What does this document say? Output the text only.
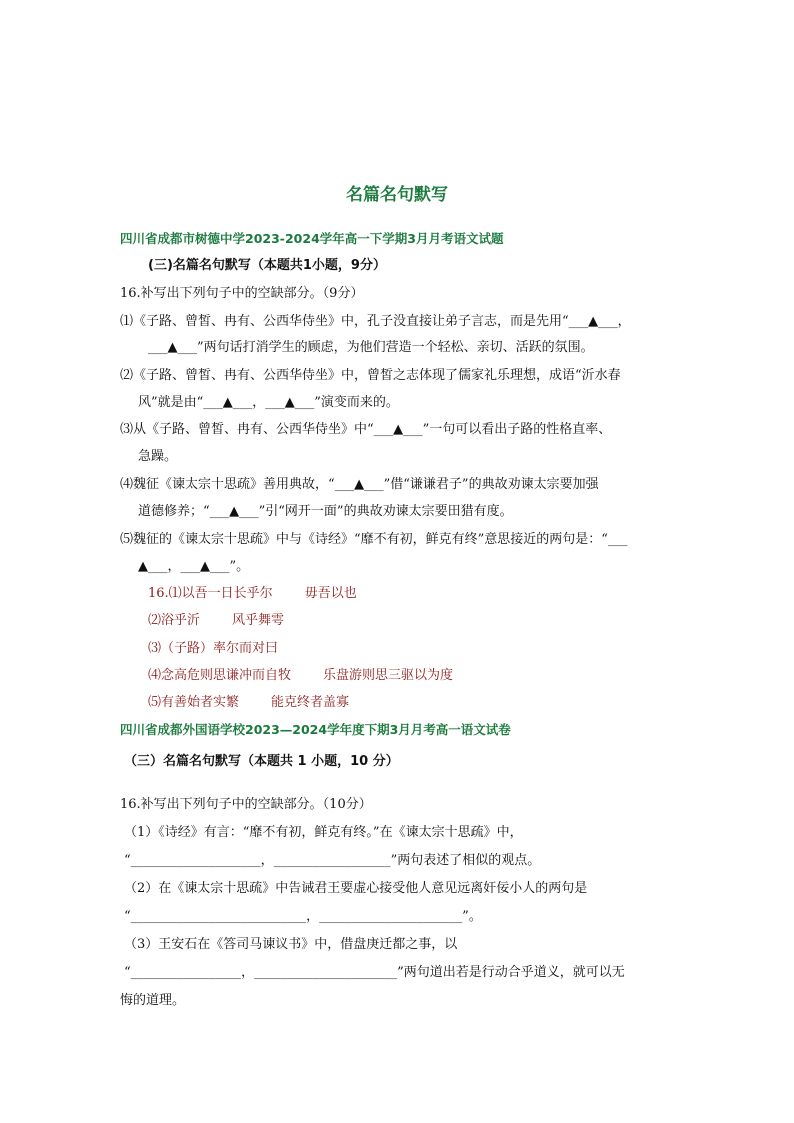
名篇名句默写
四川省成都市树德中学2023-2024学年高一下学期3月月考语文试题
(三)名篇名句默写（本题共1小题，9分）
16.补写出下列句子中的空缺部分。（9分）
⑴《子路、曾皙、冉有、公西华侍坐》中，孔子没直接让弟子言志，而是先用“___▲___，
___▲___”两句话打消学生的顾虑，为他们营造一个轻松、亲切、活跃的氛围。
⑵《子路、曾皙、冉有、公西华侍坐》中，曾皙之志体现了儒家礼乐理想，成语“沂水春
风”就是由“___▲___，___▲___”演变而来的。
⑶从《子路、曾皙、冉有、公西华侍坐》中“___▲___”一句可以看出子路的性格直率、
急躁。
⑷魏征《谏太宗十思疏》善用典故，“___▲___”借“谦谦君子”的典故劝谏太宗要加强
道德修养；“___▲___”引“网开一面”的典故劝谏太宗要田猎有度。
⑸魏征的《谏太宗十思疏》中与《诗经》“靡不有初，鲜克有终”意思接近的两句是：“___
▲___，___▲___”。
16.⑴以吾一日长乎尔 毋吾以也
⑵浴乎沂 风乎舞雩
⑶（子路）率尔而对曰
⑷念高危则思谦冲而自牧 乐盘游则思三驱以为度
⑸有善始者实繁 能克终者盖寡
四川省成都外国语学校2023—2024学年度下期3月月考高一语文试卷
（三）名篇名句默写（本题共 1 小题，10 分）
16.补写出下列句子中的空缺部分。（10分）
（1）《诗经》有言：“靡不有初，鲜克有终。”在《谏太宗十思疏》中，
“____________________，__________________”两句表述了相似的观点。
（2）在《谏太宗十思疏》中告诫君王要虚心接受他人意见远离奸佞小人的两句是
“___________________________，______________________”。
（3）王安石在《答司马谏议书》中，借盘庚迁都之事，以
“_________________，______________________”两句道出若是行动合乎道义，就可以无
悔的道理。
